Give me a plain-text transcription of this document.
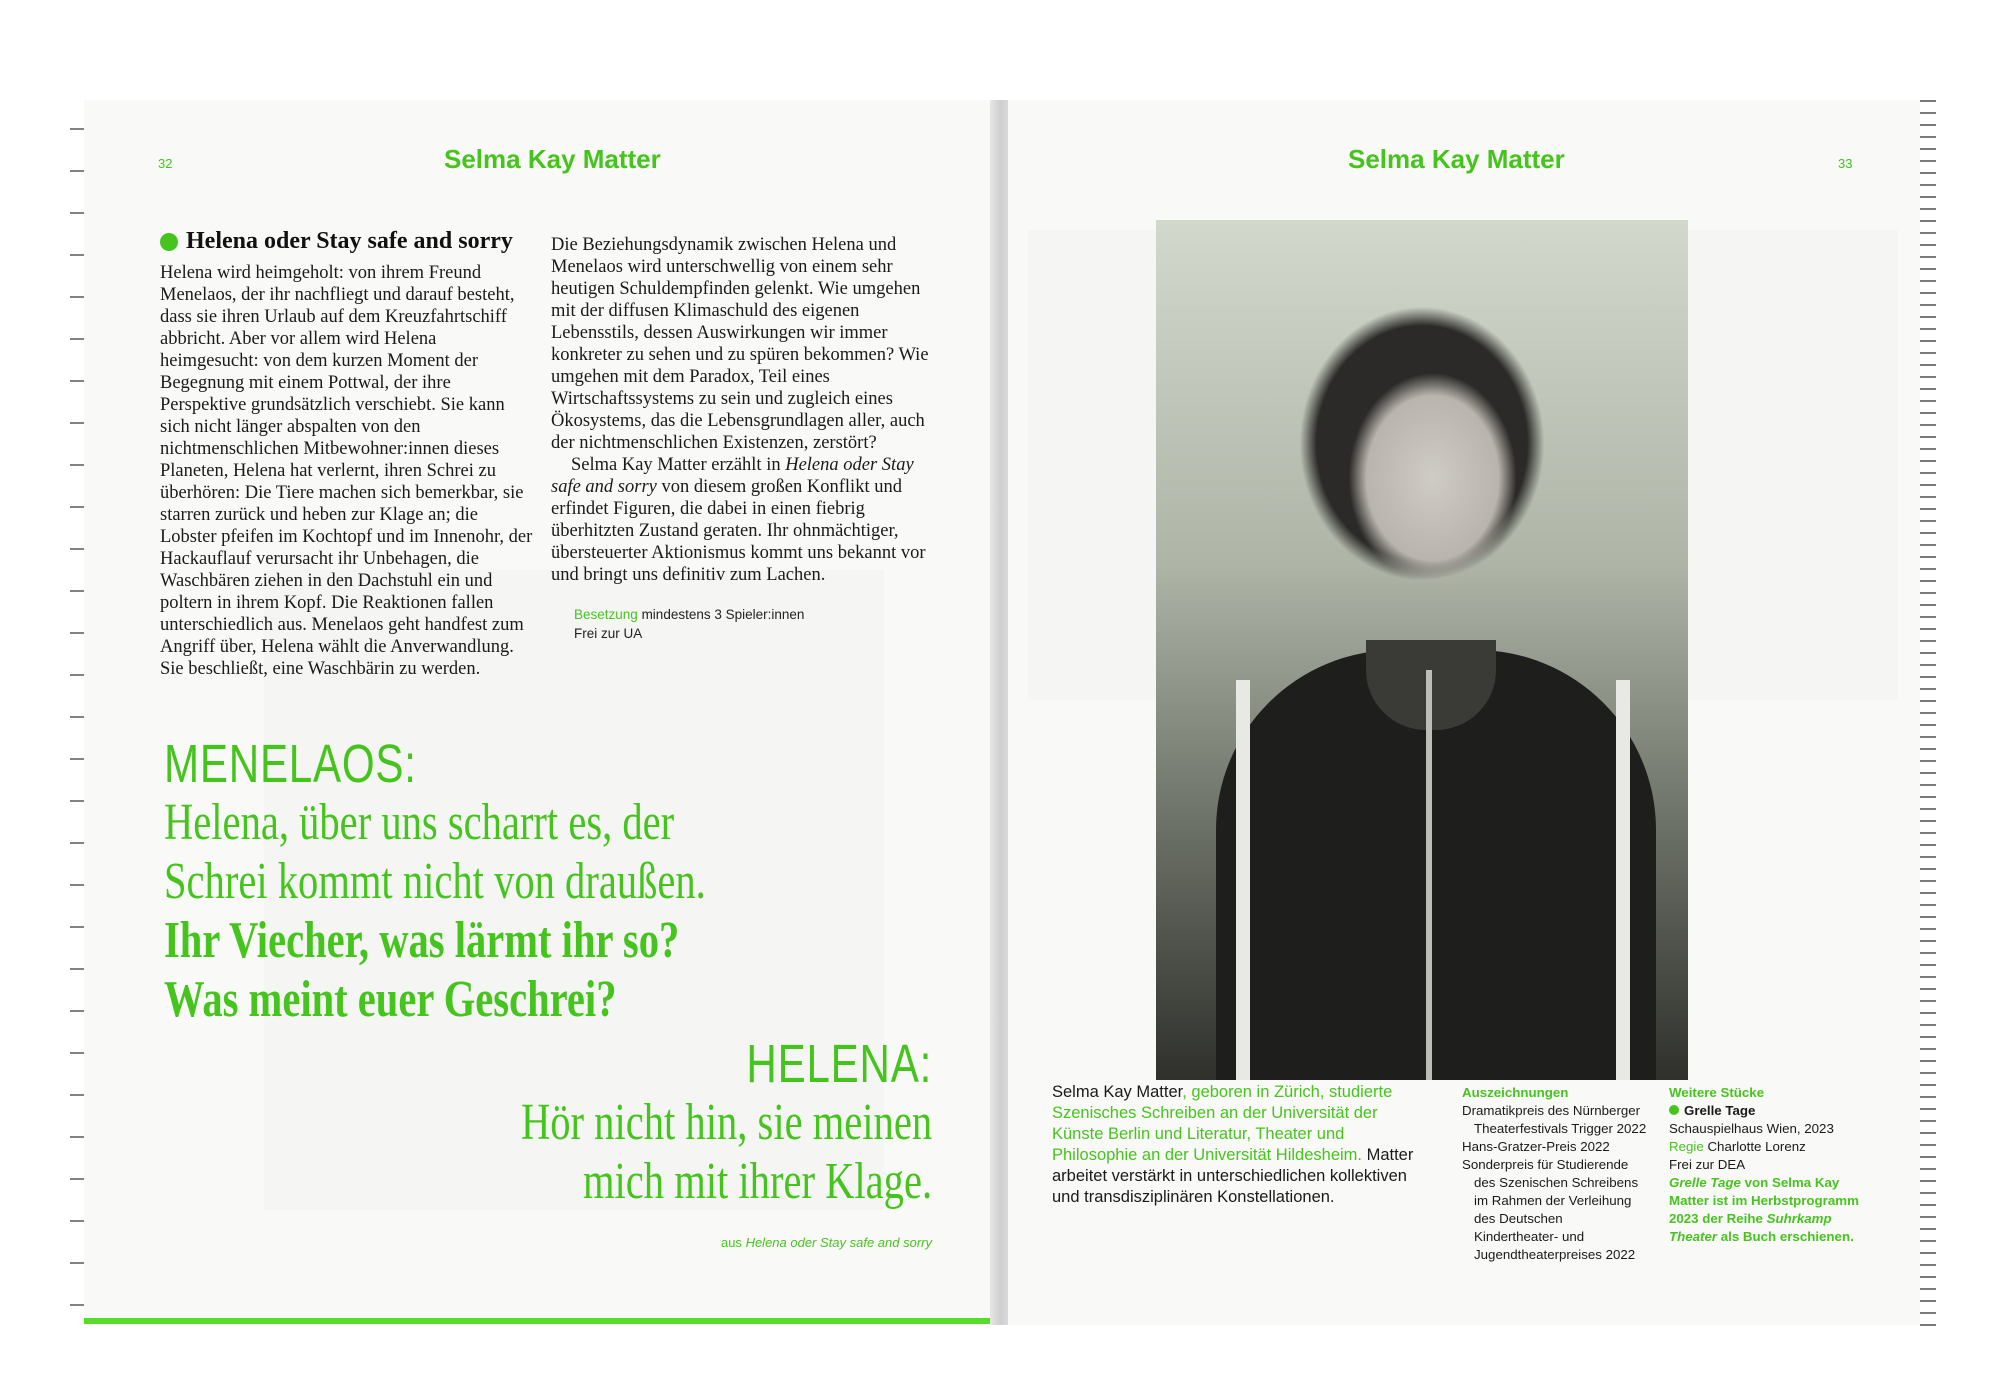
32	Selma Kay Matter
Helena oder Stay safe and sorry

Helena wird heimgeholt: von ihrem Freund Menelaos, der ihr nachfliegt und darauf besteht, dass sie ihren Urlaub auf dem Kreuzfahrtschiff abbricht. Aber vor allem wird Helena heimgesucht: von dem kurzen Moment der Begegnung mit einem Pottwal, der ihre Perspektive grundsätzlich verschiebt. Sie kann sich nicht länger abspalten von den nichtmenschlichen Mitbewohner:innen dieses Planeten, Helena hat verlernt, ihren Schrei zu überhören: Die Tiere machen sich bemerkbar, sie starren zurück und heben zur Klage an; die Lobster pfeifen im Kochtopf und im Innenohr, der Hackauflauf verursacht ihr Unbehagen, die Waschbären ziehen in den Dachstuhl ein und poltern in ihrem Kopf. Die Reaktionen fallen unterschiedlich aus. Menelaos geht handfest zum Angriff über, Helena wählt die Anverwandlung. Sie beschließt, eine Waschbärin zu werden.

Die Beziehungsdynamik zwischen Helena und Menelaos wird unterschwellig von einem sehr heutigen Schuldempfinden gelenkt. Wie umgehen mit der diffusen Klimaschuld des eigenen Lebensstils, dessen Auswirkungen wir immer konkreter zu sehen und zu spüren bekommen? Wie umgehen mit dem Paradox, Teil eines Wirtschaftssystems zu sein und zugleich eines Ökosystems, das die Lebensgrundlagen aller, auch der nichtmenschlichen Existenzen, zerstört?

Selma Kay Matter erzählt in Helena oder Stay safe and sorry von diesem großen Konflikt und erfindet Figuren, die dabei in einen fiebrig überhitzten Zustand geraten. Ihr ohnmächtiger, übersteuerter Aktionismus kommt uns bekannt vor und bringt uns definitiv zum Lachen.

Besetzung mindestens 3 Spieler:innen
Frei zur UA
MENELAOS:
Helena, über uns scharrt es, der
Schrei kommt nicht von draußen.
Ihr Viecher, was lärmt ihr so?
Was meint euer Geschrei?
HELENA:
Hör nicht hin, sie meinen
mich mit ihrer Klage.
aus Helena oder Stay safe and sorry
Selma Kay Matter	33
Selma Kay Matter, geboren in Zürich, studierte Szenisches Schreiben an der Universität der Künste Berlin und Literatur, Theater und Philosophie an der Universität Hildesheim. Matter arbeitet verstärkt in unterschiedlichen kollektiven und transdisziplinären Konstellationen.
Auszeichnungen
Dramatikpreis des Nürnberger Theaterfestivals Trigger 2022
Hans-Gratzer-Preis 2022
Sonderpreis für Studierende des Szenischen Schreibens im Rahmen der Verleihung des Deutschen Kindertheater- und Jugendtheaterpreises 2022
Weitere Stücke
Grelle Tage
Schauspielhaus Wien, 2023
Regie Charlotte Lorenz
Frei zur DEA
Grelle Tage von Selma Kay Matter ist im Herbstprogramm 2023 der Reihe Suhrkamp Theater als Buch erschienen.
